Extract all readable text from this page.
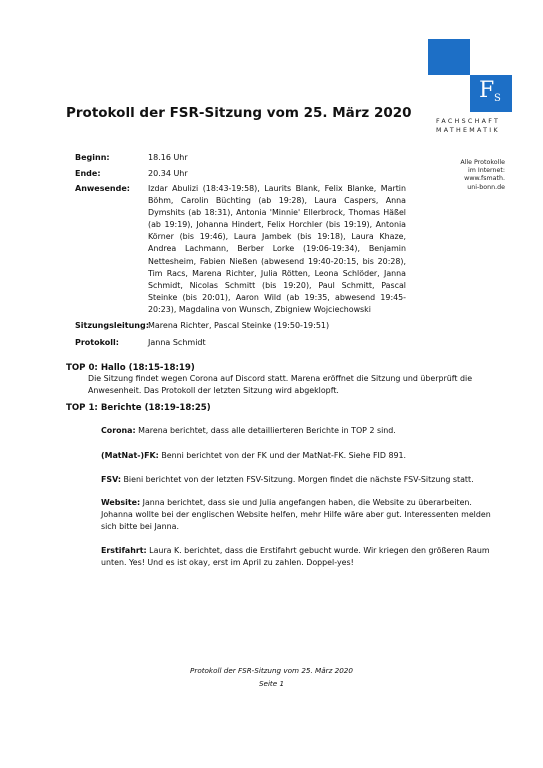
F S
FACHSCHAFT
MATHEMATIK
Protokoll der FSR-Sitzung vom 25. März 2020
Alle Protokolle
im Internet:
www.fsmath.
uni-bonn.de
Beginn:	18.16 Uhr
Ende:	20.34 Uhr
Anwesende: Izdar Abulizi (18:43-19:58), Laurits Blank, Felix Blanke, Martin Böhm, Carolin Büchting (ab 19:28), Laura Caspers, Anna Dymshits (ab 18:31), Antonia 'Minnie' Ellerbrock, Thomas Häßel (ab 19:19), Johanna Hindert, Felix Horchler (bis 19:19), Antonia Körner (bis 19:46), Laura Jambek (bis 19:18), Laura Khaze, Andrea Lachmann, Berber Lorke (19:06-19:34), Benjamin Nettesheim, Fabien Nießen (abwesend 19:40-20:15, bis 20:28), Tim Racs, Marena Richter, Julia Rötten, Leona Schlöder, Janna Schmidt, Nicolas Schmitt (bis 19:20), Paul Schmitt, Pascal Steinke (bis 20:01), Aaron Wild (ab 19:35, abwesend 19:45-20:23), Magdalina von Wunsch, Zbigniew Wojciechowski
Sitzungsleitung: Marena Richter, Pascal Steinke (19:50-19:51)
Protokoll:	Janna Schmidt
TOP 0: Hallo (18:15-18:19)
Die Sitzung findet wegen Corona auf Discord statt. Marena eröffnet die Sitzung und überprüft die Anwesenheit. Das Protokoll der letzten Sitzung wird abgeklopft.
TOP 1: Berichte (18:19-18:25)
Corona: Marena berichtet, dass alle detaillierteren Berichte in TOP 2 sind.
(MatNat-)FK: Benni berichtet von der FK und der MatNat-FK. Siehe FID 891.
FSV: Bieni berichtet von der letzten FSV-Sitzung. Morgen findet die nächste FSV-Sitzung statt.
Website: Janna berichtet, dass sie und Julia angefangen haben, die Website zu überarbeiten. Johanna wollte bei der englischen Website helfen, mehr Hilfe wäre aber gut. Interessenten melden sich bitte bei Janna.
Erstifahrt: Laura K. berichtet, dass die Erstifahrt gebucht wurde. Wir kriegen den größeren Raum unten. Yes! Und es ist okay, erst im April zu zahlen. Doppel-yes!
Protokoll der FSR-Sitzung vom 25. März 2020
Seite 1
